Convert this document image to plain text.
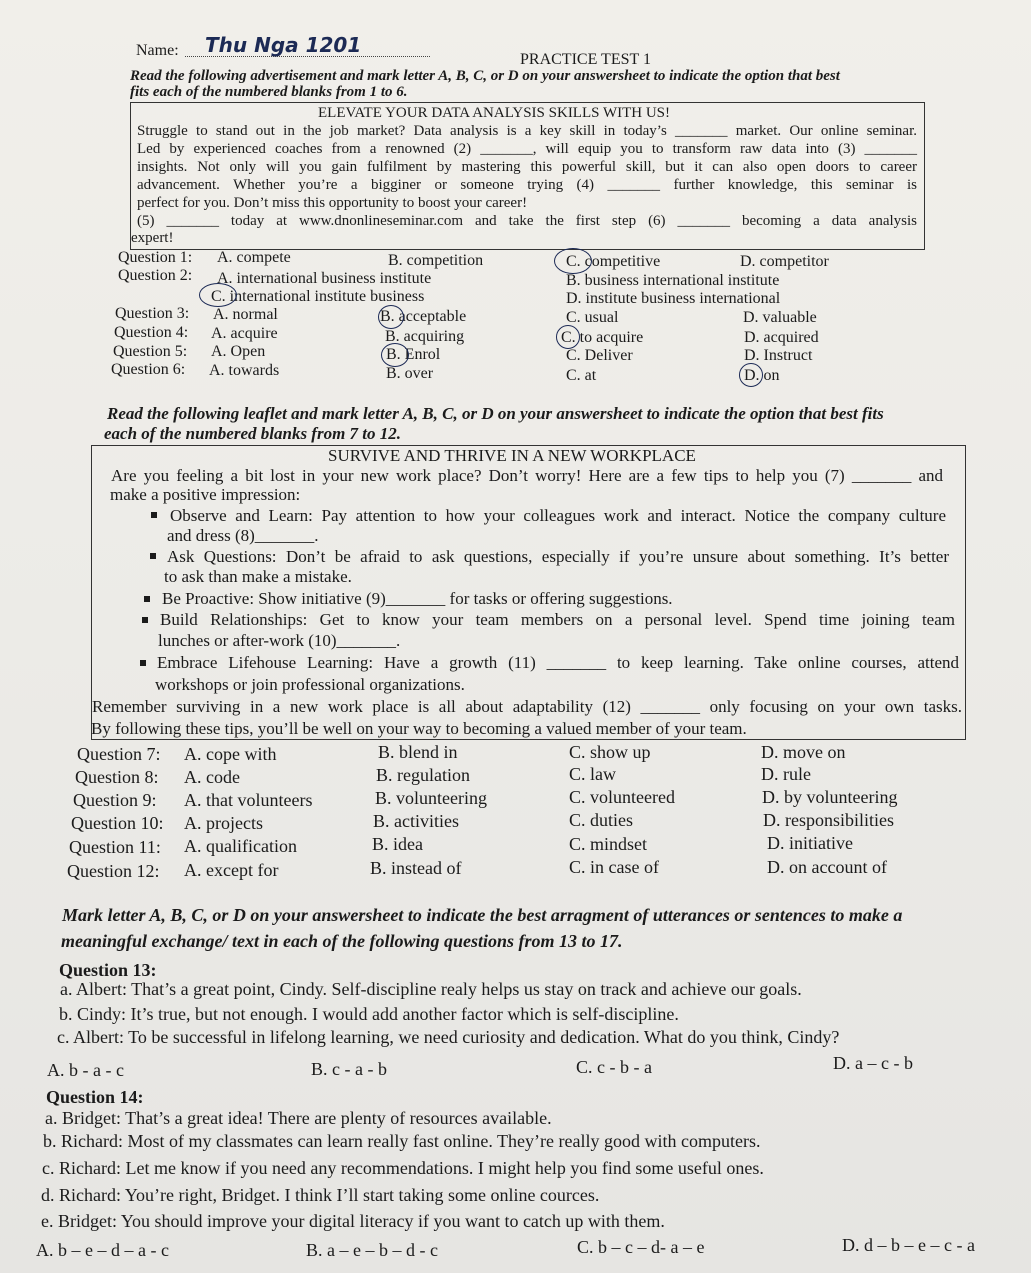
Name: Thu Nga 1201
PRACTICE TEST 1
Read the following advertisement and mark letter A, B, C, or D on your answersheet to indicate the option that best
fits each of the numbered blanks from 1 to 6.
ELEVATE YOUR DATA ANALYSIS SKILLS WITH US!
Struggle to stand out in the job market? Data analysis is a key skill in today’s _______ market. Our online seminar.
Led by experienced coaches from a renowned (2) _______, will equip you to transform raw data into (3) _______
insights. Not only will you gain fulfilment by mastering this powerful skill, but it can also open doors to career
advancement. Whether you’re a bigginer or someone trying (4) _______ further knowledge, this seminar is
perfect for you. Don’t miss this opportunity to boost your career!
(5) _______ today at www.dnonlineseminar.com and take the first step (6) _______ becoming a data analysis
expert!
Question 1: A. compete	B. competition	C. competitive	D. competitor
Question 2: A. international business institute	B. business international institute
C. international institute business	D. institute business international
Question 3: A. normal	B. acceptable	C. usual	D. valuable
Question 4: A. acquire	B. acquiring	C. to acquire	D. acquired
Question 5: A. Open	B. Enrol	C. Deliver	D. Instruct
Question 6: A. towards	B. over	C. at	D. on
Read the following leaflet and mark letter A, B, C, or D on your answersheet to indicate the option that best fits
each of the numbered blanks from 7 to 12.
SURVIVE AND THRIVE IN A NEW WORKPLACE
Are you feeling a bit lost in your new work place? Don’t worry! Here are a few tips to help you (7) _______ and
make a positive impression:
Observe and Learn: Pay attention to how your colleagues work and interact. Notice the company culture
and dress (8)_______.
Ask Questions: Don’t be afraid to ask questions, especially if you’re unsure about something. It’s better
to ask than make a mistake.
Be Proactive: Show initiative (9)_______ for tasks or offering suggestions.
Build Relationships: Get to know your team members on a personal level. Spend time joining team
lunches or after-work (10)_______.
Embrace Lifehouse Learning: Have a growth (11) _______ to keep learning. Take online courses, attend
workshops or join professional organizations.
Remember surviving in a new work place is all about adaptability (12) _______ only focusing on your own tasks.
By following these tips, you’ll be well on your way to becoming a valued member of your team.
Question 7: A. cope with	B. blend in	C. show up	D. move on
Question 8: A. code	B. regulation	C. law	D. rule
Question 9: A. that volunteers	B. volunteering	C. volunteered	D. by volunteering
Question 10: A. projects	B. activities	C. duties	D. responsibilities
Question 11: A. qualification	B. idea	C. mindset	D. initiative
Question 12: A. except for	B. instead of	C. in case of	D. on account of
Mark letter A, B, C, or D on your answersheet to indicate the best arragment of utterances or sentences to make a
meaningful exchange/ text in each of the following questions from 13 to 17.
Question 13:
a. Albert: That’s a great point, Cindy. Self-discipline realy helps us stay on track and achieve our goals.
b. Cindy: It’s true, but not enough. I would add another factor which is self-discipline.
c. Albert: To be successful in lifelong learning, we need curiosity and dedication. What do you think, Cindy?
A. b - a - c	B. c - a - b	C. c - b - a	D. a – c - b
Question 14:
a. Bridget: That’s a great idea! There are plenty of resources available.
b. Richard: Most of my classmates can learn really fast online. They’re really good with computers.
c. Richard: Let me know if you need any recommendations. I might help you find some useful ones.
d. Richard: You’re right, Bridget. I think I’ll start taking some online cources.
e. Bridget: You should improve your digital literacy if you want to catch up with them.
A. b – e – d – a - c	B. a – e – b – d - c	C. b – c – d- a – e	D. d – b – e – c - a
